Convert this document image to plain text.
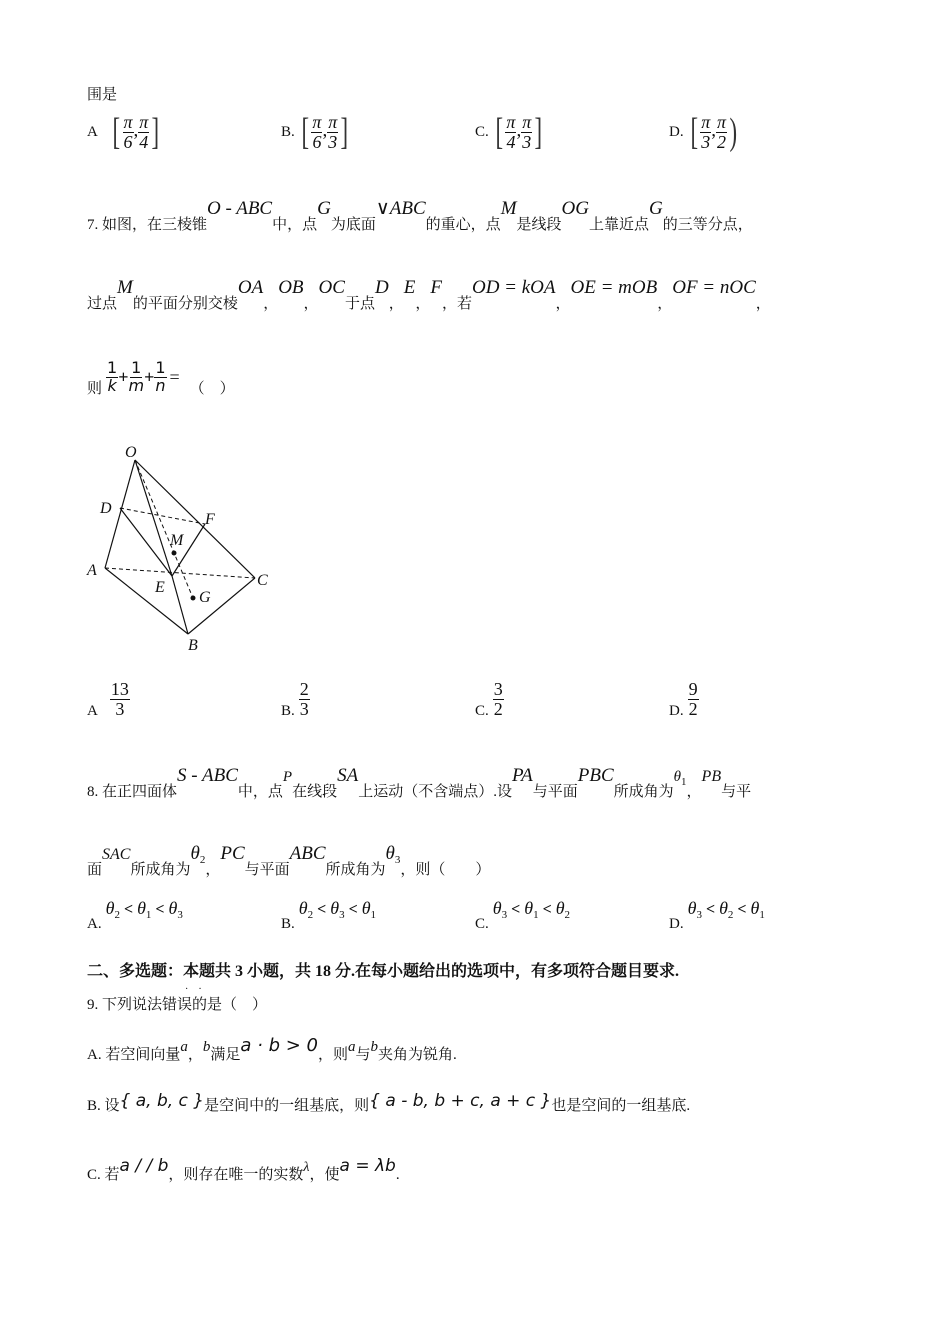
围是
A [ $\frac{\pi}{6}$ , $\frac{\pi}{4}$ ]	B. [ $\frac{\pi}{6}$ , $\frac{\pi}{3}$ ]	C. [ $\frac{\pi}{4}$ , $\frac{\pi}{3}$ ]	D. [ $\frac{\pi}{3}$ , $\frac{\pi}{2}$ )
7. 如图，在三棱锥O - ABC中，点G为底面∨ABC的重心，点M是线段OG上靠近点G的三等分点，
过点M的平面分别交棱OA，OB，OC于点D，E，F，若OD = kOA，OE = mOB，OF = nOC，
则 $\frac{1}{k} + \frac{1}{m} + \frac{1}{n}$ = （　）
O
D
F
M
A
E	C
G
B
A $\frac{13}{3}$	B. $\frac{2}{3}$	C. $\frac{3}{2}$	D. $\frac{9}{2}$
8. 在正四面体S - ABC中，点P在线段SA上运动（不含端点）.设PA与平面PBC所成角为$\theta_1$，PB与平
面SAC所成角为$\theta_2$，PC与平面ABC所成角为$\theta_3$，则（　　）
A. $\theta_2 < \theta_1 < \theta_3$
B. $\theta_2 < \theta_3 < \theta_1$
C. $\theta_3 < \theta_1 < \theta_2$
D. $\theta_3 < \theta_2 < \theta_1$
二、多选题：本题共 3 小题，共 18 分.在每小题给出的选项中，有多项符合题目要求.
9. 下列说法错误的是（　）
··
A. 若空间向量a，b满足a · b > 0，则a与b夹角为锐角.
B. 设{ a, b, c }是空间中的一组基底，则{ a - b, b + c, a + c }也是空间的一组基底.
C. 若a / / b，则存在唯一的实数λ，使a = λb.
